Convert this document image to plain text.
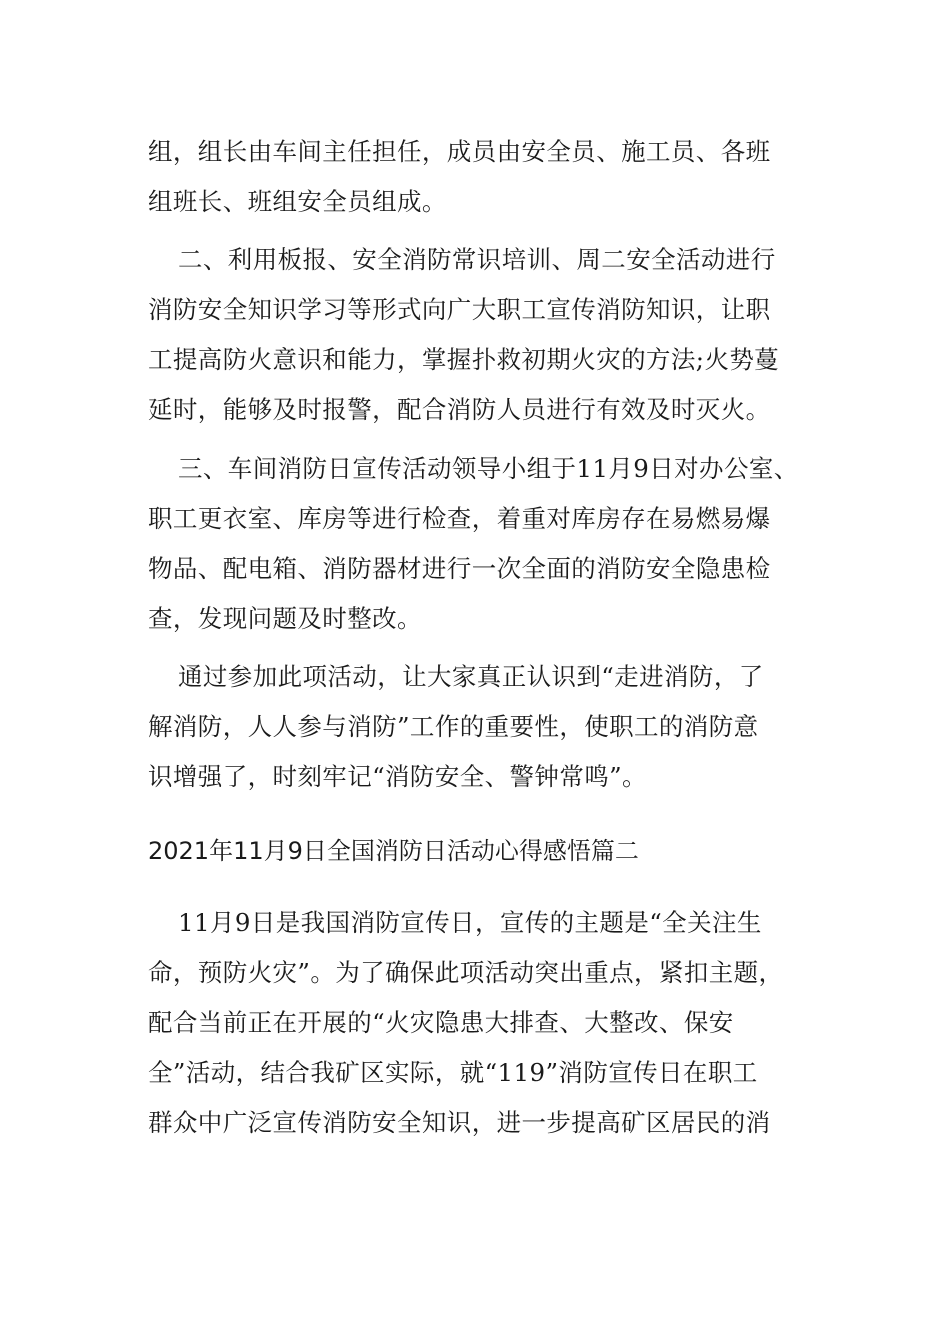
组，组长由车间主任担任，成员由安全员、施工员、各班
组班长、班组安全员组成。
二、利用板报、安全消防常识培训、周二安全活动进行
消防安全知识学习等形式向广大职工宣传消防知识，让职
工提高防火意识和能力，掌握扑救初期火灾的方法;火势蔓
延时，能够及时报警，配合消防人员进行有效及时灭火。
三、车间消防日宣传活动领导小组于11月9日对办公室、
职工更衣室、库房等进行检查，着重对库房存在易燃易爆
物品、配电箱、消防器材进行一次全面的消防安全隐患检
查，发现问题及时整改。
通过参加此项活动，让大家真正认识到“走进消防，了
解消防，人人参与消防”工作的重要性，使职工的消防意
识增强了，时刻牢记“消防安全、警钟常鸣”。
2021年11月9日全国消防日活动心得感悟篇二
11月9日是我国消防宣传日，宣传的主题是“全关注生
命，预防火灾”。为了确保此项活动突出重点，紧扣主题，
配合当前正在开展的“火灾隐患大排查、大整改、保安
全”活动，结合我矿区实际，就“119”消防宣传日在职工
群众中广泛宣传消防安全知识，进一步提高矿区居民的消
